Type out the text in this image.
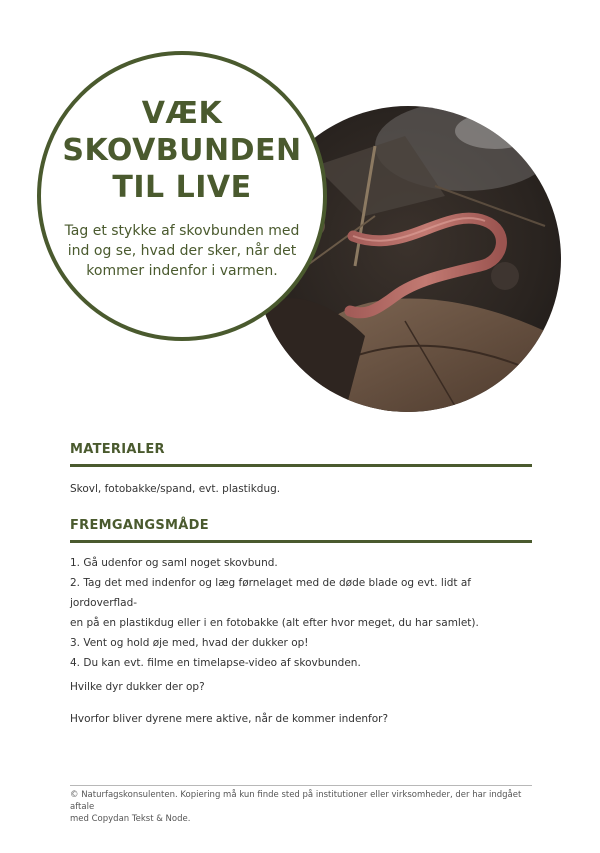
VÆK
SKOVBUNDEN
TIL LIVE

Tag et stykke af skovbunden med
ind og se, hvad der sker, når det
kommer indenfor i varmen.

MATERIALER
Skovl, fotobakke/spand, evt. plastikdug.
FREMGANGSMÅDE
1. Gå udenfor og saml noget skovbund.
2. Tag det med indenfor og læg førnelaget med de døde blade og evt. lidt af jordoverflad-
en på en plastikdug eller i en fotobakke (alt efter hvor meget, du har samlet).
3. Vent og hold øje med, hvad der dukker op!
4. Du kan evt. filme en timelapse-video af skovbunden.
Hvilke dyr dukker der op?
Hvorfor bliver dyrene mere aktive, når de kommer indenfor?
© Naturfagskonsulenten. Kopiering må kun finde sted på institutioner eller virksomheder, der har indgået aftale
med Copydan Tekst & Node.
